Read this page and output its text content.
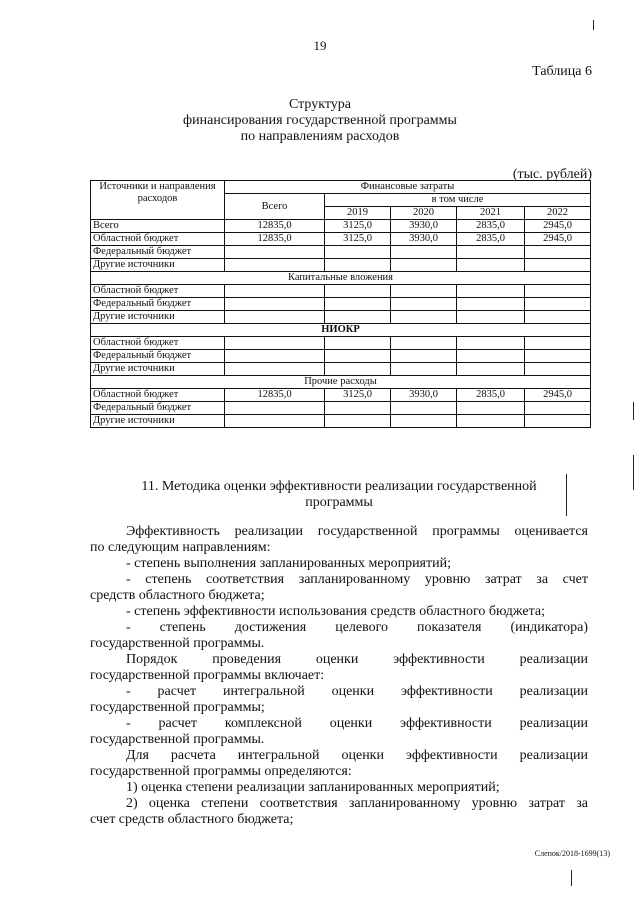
19
Таблица 6
Структура
финансирования государственной программы
по направлениям расходов
(тыс. рублей)
Источники и направления расходов	Финансовые затраты				
	Всего	в том числе			
		2019	2020	2021	2022
Всего	12835,0	3125,0	3930,0	2835,0	2945,0
Областной бюджет	12835,0	3125,0	3930,0	2835,0	2945,0
Федеральный бюджет					
Другие источники					
Капитальные вложения					
Областной бюджет					
Федеральный бюджет					
Другие источники					
НИОКР					
Областной бюджет					
Федеральный бюджет					
Другие источники					
Прочие расходы					
Областной бюджет	12835,0	3125,0	3930,0	2835,0	2945,0
Федеральный бюджет					
Другие источники					
11. Методика оценки эффективности реализации государственной
программы
Эффективность реализации государственной программы оценивается
по следующим направлениям:
- степень выполнения запланированных мероприятий;
- степень соответствия запланированному уровню затрат за счет
средств областного бюджета;
- степень эффективности использования средств областного бюджета;
- степень достижения целевого показателя (индикатора)
государственной программы.
Порядок проведения оценки эффективности реализации
государственной программы включает:
- расчет интегральной оценки эффективности реализации
государственной программы;
- расчет комплексной оценки эффективности реализации
государственной программы.
Для расчета интегральной оценки эффективности реализации
государственной программы определяются:
1) оценка степени реализации запланированных мероприятий;
2) оценка степени соответствия запланированному уровню затрат за
счет средств областного бюджета;
Слепок/2018-1699(13)
